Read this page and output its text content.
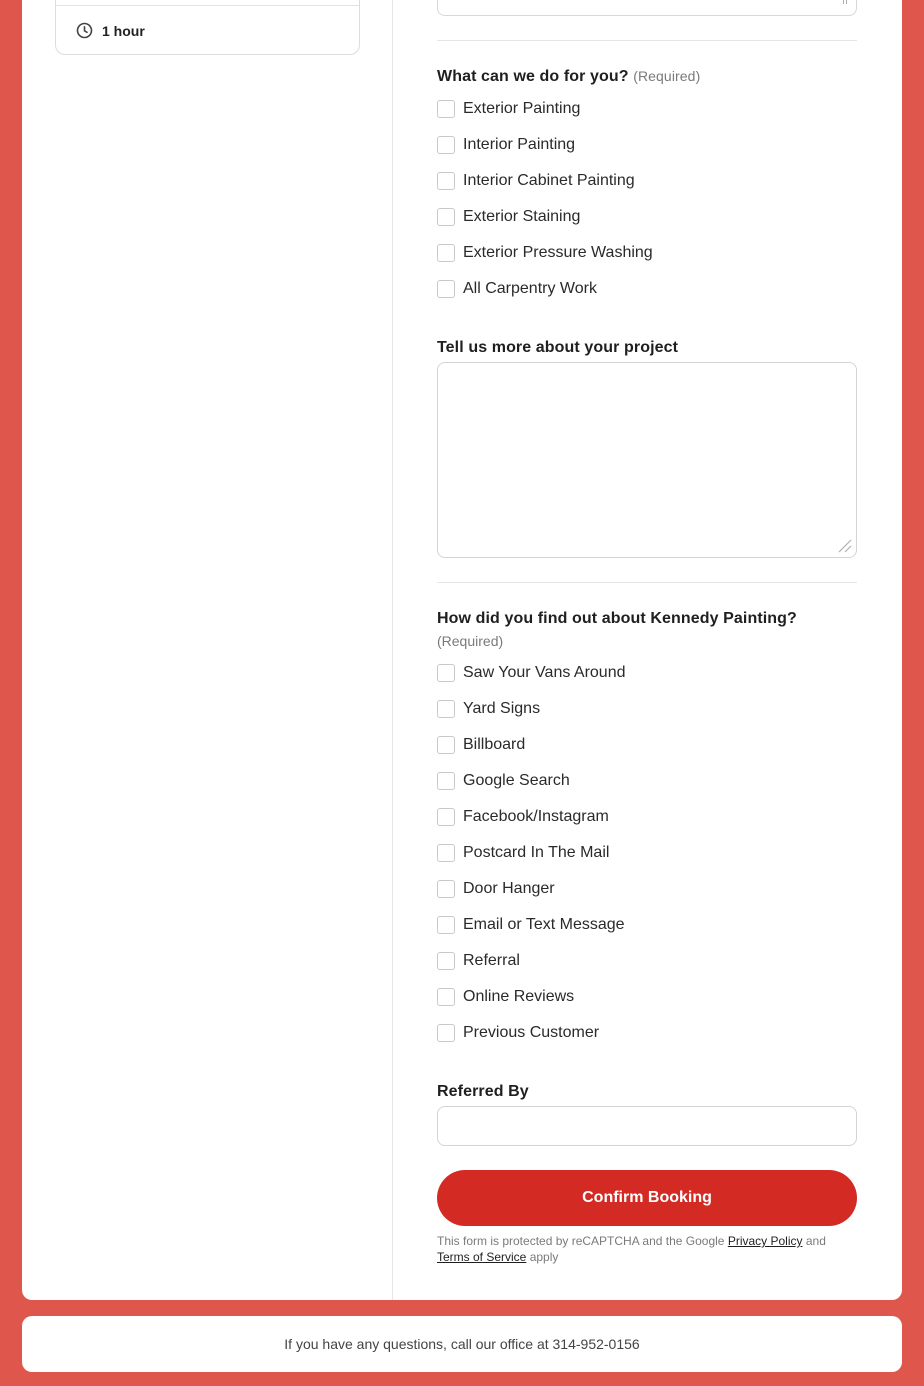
1 hour
What can we do for you? (Required)
Exterior Painting
Interior Painting
Interior Cabinet Painting
Exterior Staining
Exterior Pressure Washing
All Carpentry Work
Tell us more about your project
How did you find out about Kennedy Painting?
(Required)
Saw Your Vans Around
Yard Signs
Billboard
Google Search
Facebook/Instagram
Postcard In The Mail
Door Hanger
Email or Text Message
Referral
Online Reviews
Previous Customer
Referred By
Confirm Booking
This form is protected by reCAPTCHA and the Google Privacy Policy and
Terms of Service apply
If you have any questions, call our office at 314-952-0156
